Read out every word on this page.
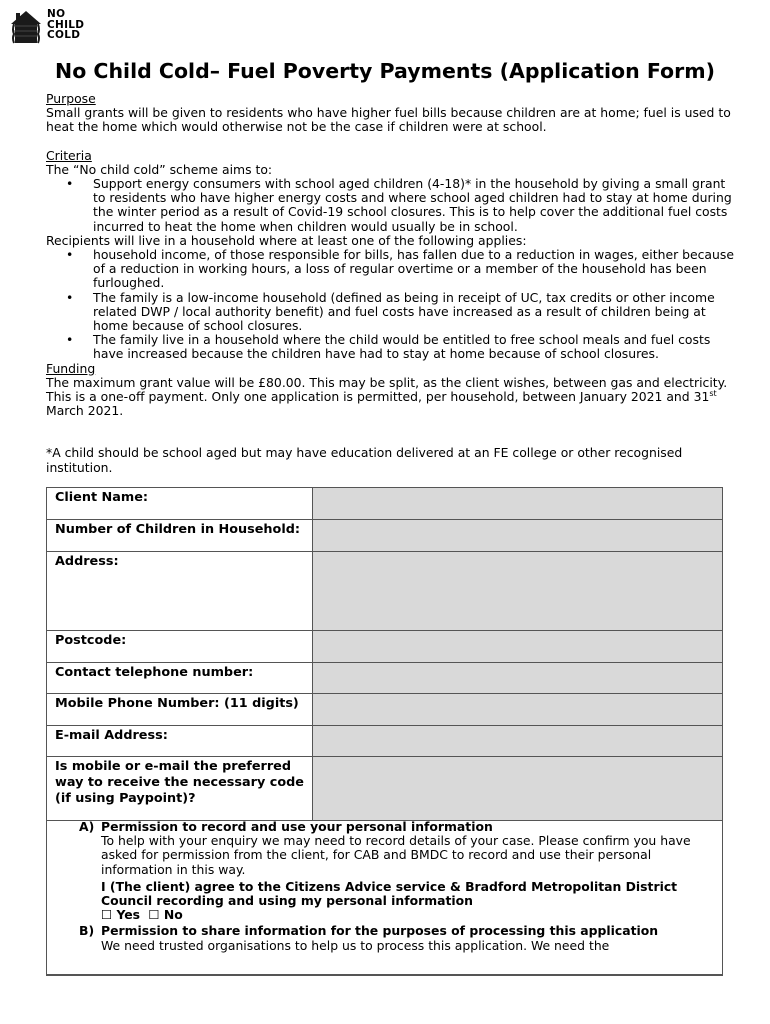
NO
CHILD
COLD
No Child Cold– Fuel Poverty Payments (Application Form)
Purpose
Small grants will be given to residents who have higher fuel bills because children are at home; fuel is used to heat the home which would otherwise not be the case if children were at school.
Criteria
The “No child cold” scheme aims to:
• Support energy consumers with school aged children (4-18)* in the household by giving a small grant to residents who have higher energy costs and where school aged children had to stay at home during the winter period as a result of Covid-19 school closures. This is to help cover the additional fuel costs incurred to heat the home when children would usually be in school.
Recipients will live in a household where at least one of the following applies:
• household income, of those responsible for bills, has fallen due to a reduction in wages, either because of a reduction in working hours, a loss of regular overtime or a member of the household has been furloughed.
• The family is a low-income household (defined as being in receipt of UC, tax credits or other income related DWP / local authority benefit) and fuel costs have increased as a result of children being at home because of school closures.
• The family live in a household where the child would be entitled to free school meals and fuel costs have increased because the children have had to stay at home because of school closures.
Funding
The maximum grant value will be £80.00. This may be split, as the client wishes, between gas and electricity. This is a one-off payment. Only one application is permitted, per household, between January 2021 and 31st March 2021.
*A child should be school aged but may have education delivered at an FE college or other recognised institution.
Client Name:	
Number of Children in Household:	
Address:	
Postcode:	
Contact telephone number:	
Mobile Phone Number: (11 digits)	
E-mail Address:	
Is mobile or e-mail the preferred way to receive the necessary code (if using Paypoint)?	
A) Permission to record and use your personal information
To help with your enquiry we may need to record details of your case. Please confirm you have asked for permission from the client, for CAB and BMDC to record and use their personal information in this way.
I (The client) agree to the Citizens Advice service & Bradford Metropolitan District Council recording and using my personal information
☐ Yes ☐ No
B) Permission to share information for the purposes of processing this application
We need trusted organisations to help us to process this application. We need the
